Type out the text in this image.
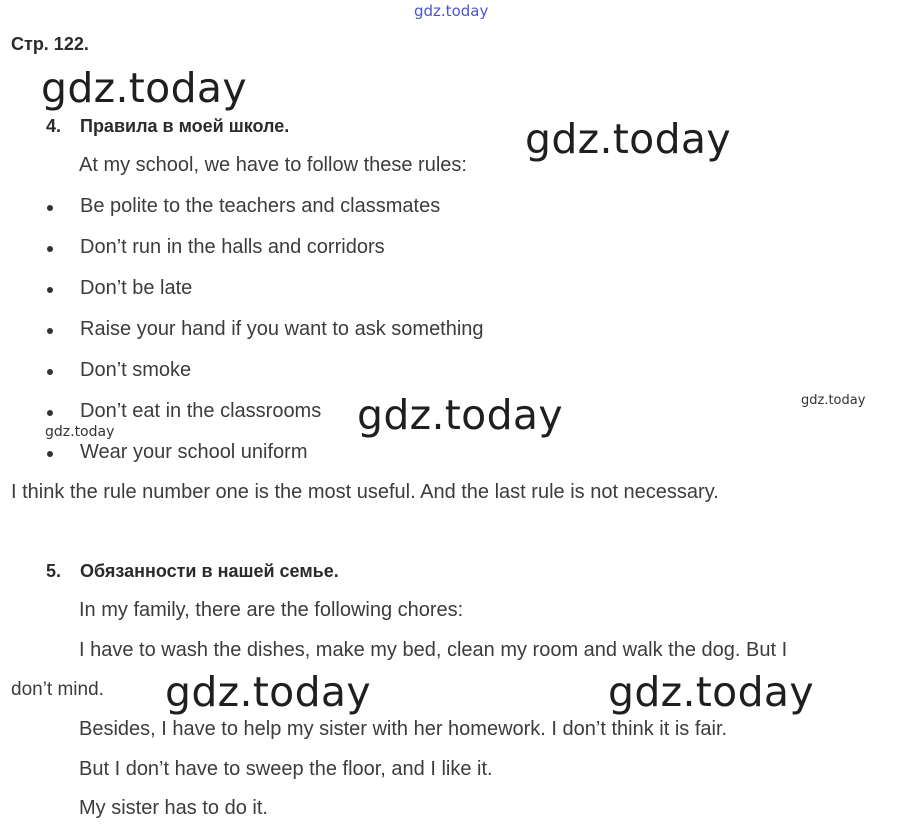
gdz.today
gdz.today
gdz.today
gdz.today
gdz.today
gdz.today
gdz.today	gdz.today
Стр. 122.
4. Правила в моей школе.
At my school, we have to follow these rules:
Be polite to the teachers and classmates
Don’t run in the halls and corridors
Don’t be late
Raise your hand if you want to ask something
Don’t smoke
Don’t eat in the classrooms
Wear your school uniform
I think the rule number one is the most useful. And the last rule is not necessary.
5. Обязанности в нашей семье.
In my family, there are the following chores:
I have to wash the dishes, make my bed, clean my room and walk the dog. But I
don’t mind.
Besides, I have to help my sister with her homework. I don’t think it is fair.
But I don’t have to sweep the floor, and I like it.
My sister has to do it.
